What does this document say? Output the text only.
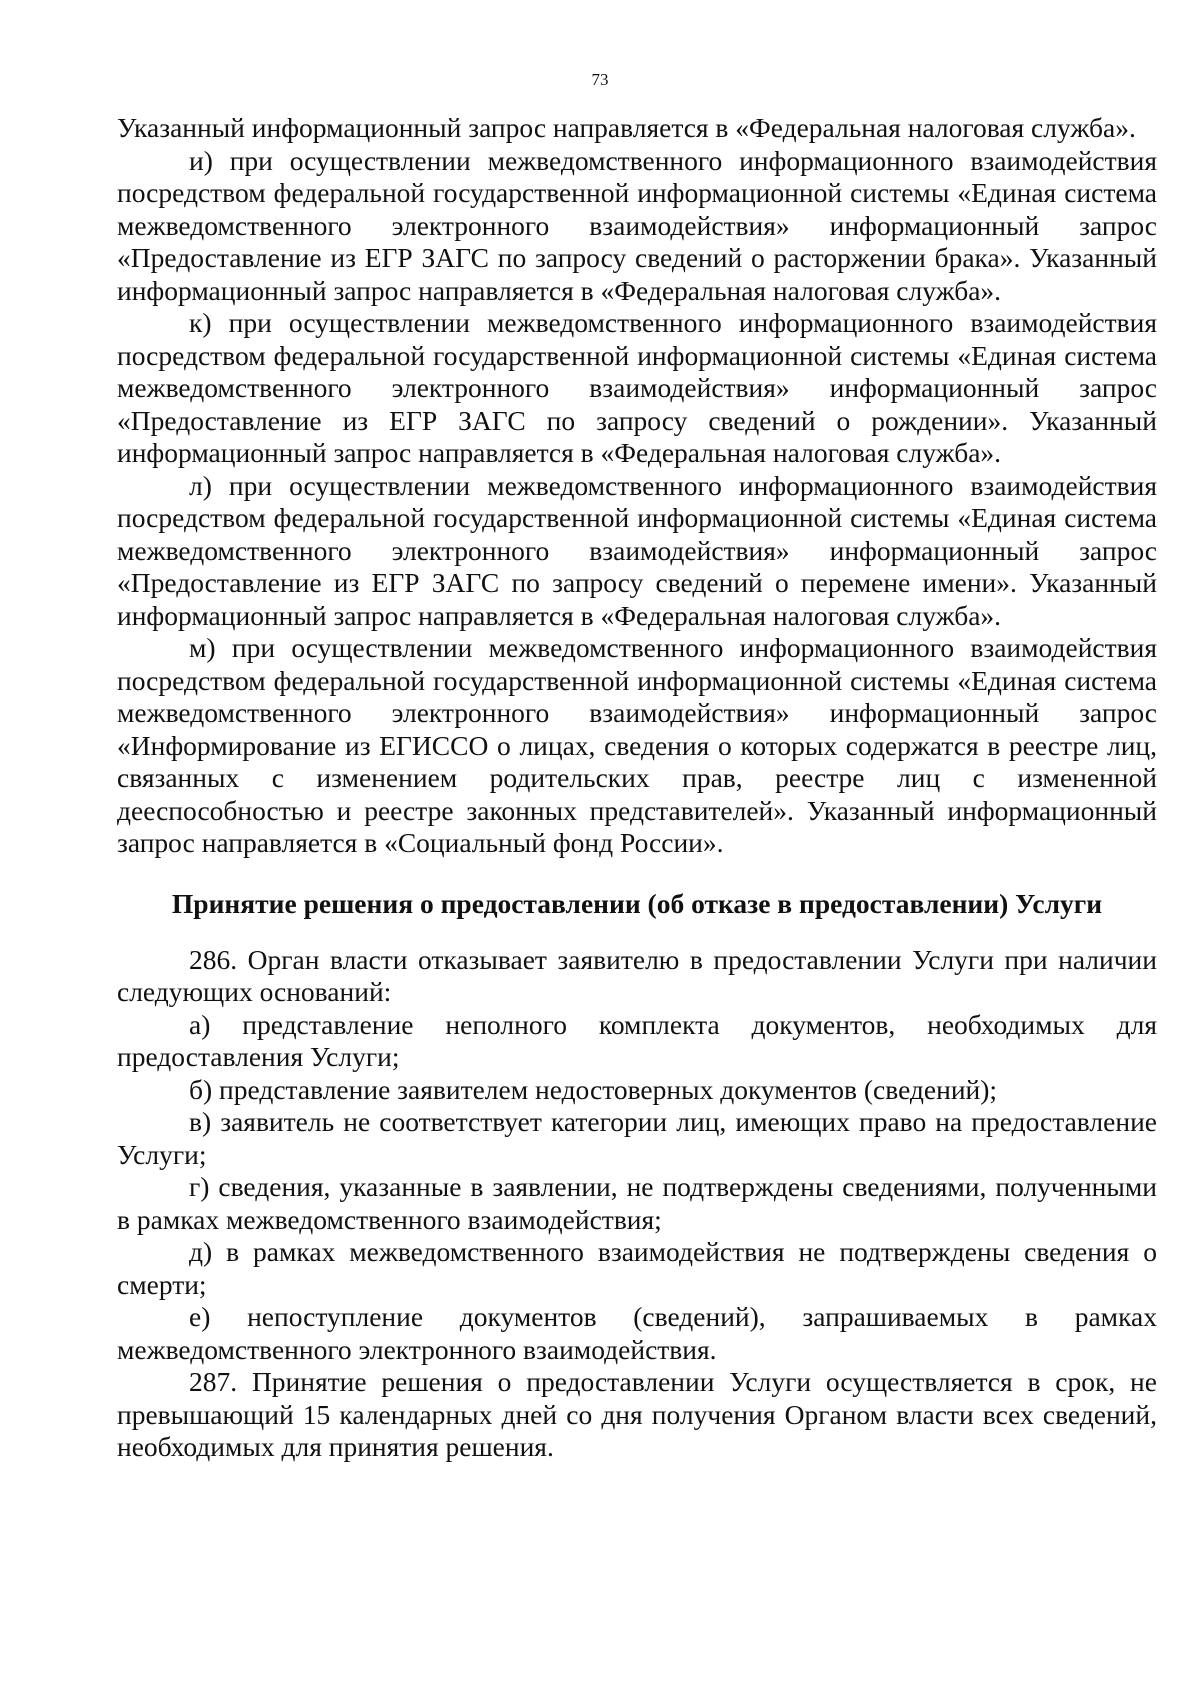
73

Указанный информационный запрос направляется в «Федеральная налоговая служба».

и) при осуществлении межведомственного информационного взаимодействия посредством федеральной государственной информационной системы «Единая система межведомственного электронного взаимодействия» информационный запрос «Предоставление из ЕГР ЗАГС по запросу сведений о расторжении брака». Указанный информационный запрос направляется в «Федеральная налоговая служба».

к) при осуществлении межведомственного информационного взаимодействия посредством федеральной государственной информационной системы «Единая система межведомственного электронного взаимодействия» информационный запрос «Предоставление из ЕГР ЗАГС по запросу сведений о рождении». Указанный информационный запрос направляется в «Федеральная налоговая служба».

л) при осуществлении межведомственного информационного взаимодействия посредством федеральной государственной информационной системы «Единая система межведомственного электронного взаимодействия» информационный запрос «Предоставление из ЕГР ЗАГС по запросу сведений о перемене имени». Указанный информационный запрос направляется в «Федеральная налоговая служба».

м) при осуществлении межведомственного информационного взаимодействия посредством федеральной государственной информационной системы «Единая система межведомственного электронного взаимодействия» информационный запрос «Информирование из ЕГИССО о лицах, сведения о которых содержатся в реестре лиц, связанных с изменением родительских прав, реестре лиц с измененной дееспособностью и реестре законных представителей». Указанный информационный запрос направляется в «Социальный фонд России».

Принятие решения о предоставлении (об отказе в предоставлении) Услуги

286. Орган власти отказывает заявителю в предоставлении Услуги при наличии следующих оснований:

а) представление неполного комплекта документов, необходимых для предоставления Услуги;

б) представление заявителем недостоверных документов (сведений);

в) заявитель не соответствует категории лиц, имеющих право на предоставление Услуги;

г) сведения, указанные в заявлении, не подтверждены сведениями, полученными в рамках межведомственного взаимодействия;

д) в рамках межведомственного взаимодействия не подтверждены сведения о смерти;

е) непоступление документов (сведений), запрашиваемых в рамках межведомственного электронного взаимодействия.

287. Принятие решения о предоставлении Услуги осуществляется в срок, не превышающий 15 календарных дней со дня получения Органом власти всех сведений, необходимых для принятия решения.
